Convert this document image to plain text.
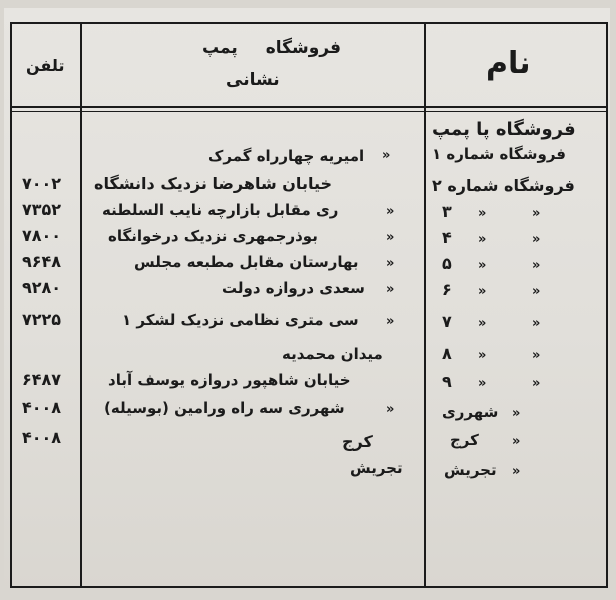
تلفن
فروشگاه پمپ
نشانی	نام
فروشگاه پا پمپ
فروشگاه شماره ۱
»
امیریه چهارراه گمرک
فروشگاه شماره ۲
خیابان شاهرضا نزدیک دانشگاه
۷۰۰۲
»
»
۳
»
ری مقابل بازارچه نایب السلطنه
۷۳۵۲
»
»
۴
»
بوذرجمهری نزدیک درخوانگاه
۷۸۰۰
»
»
۵
»
بهارستان مقابل مطبعه مجلس
۹۶۴۸
»
»
۶
»
سعدی دروازه دولت
۹۲۸۰
»
»
۷
»
سی متری نظامی نزدیک لشکر ۱
۷۲۲۵
»
»
۸
میدان محمدیه
»
»
۹
خیابان شاهپور دروازه یوسف آباد
۶۴۸۷
»
شهرری
»
شهرری سه راه ورامین (بوسیله)
۴۰۰۸
»
کرج
کرج
۴۰۰۸
»
تجریش
تجریش
